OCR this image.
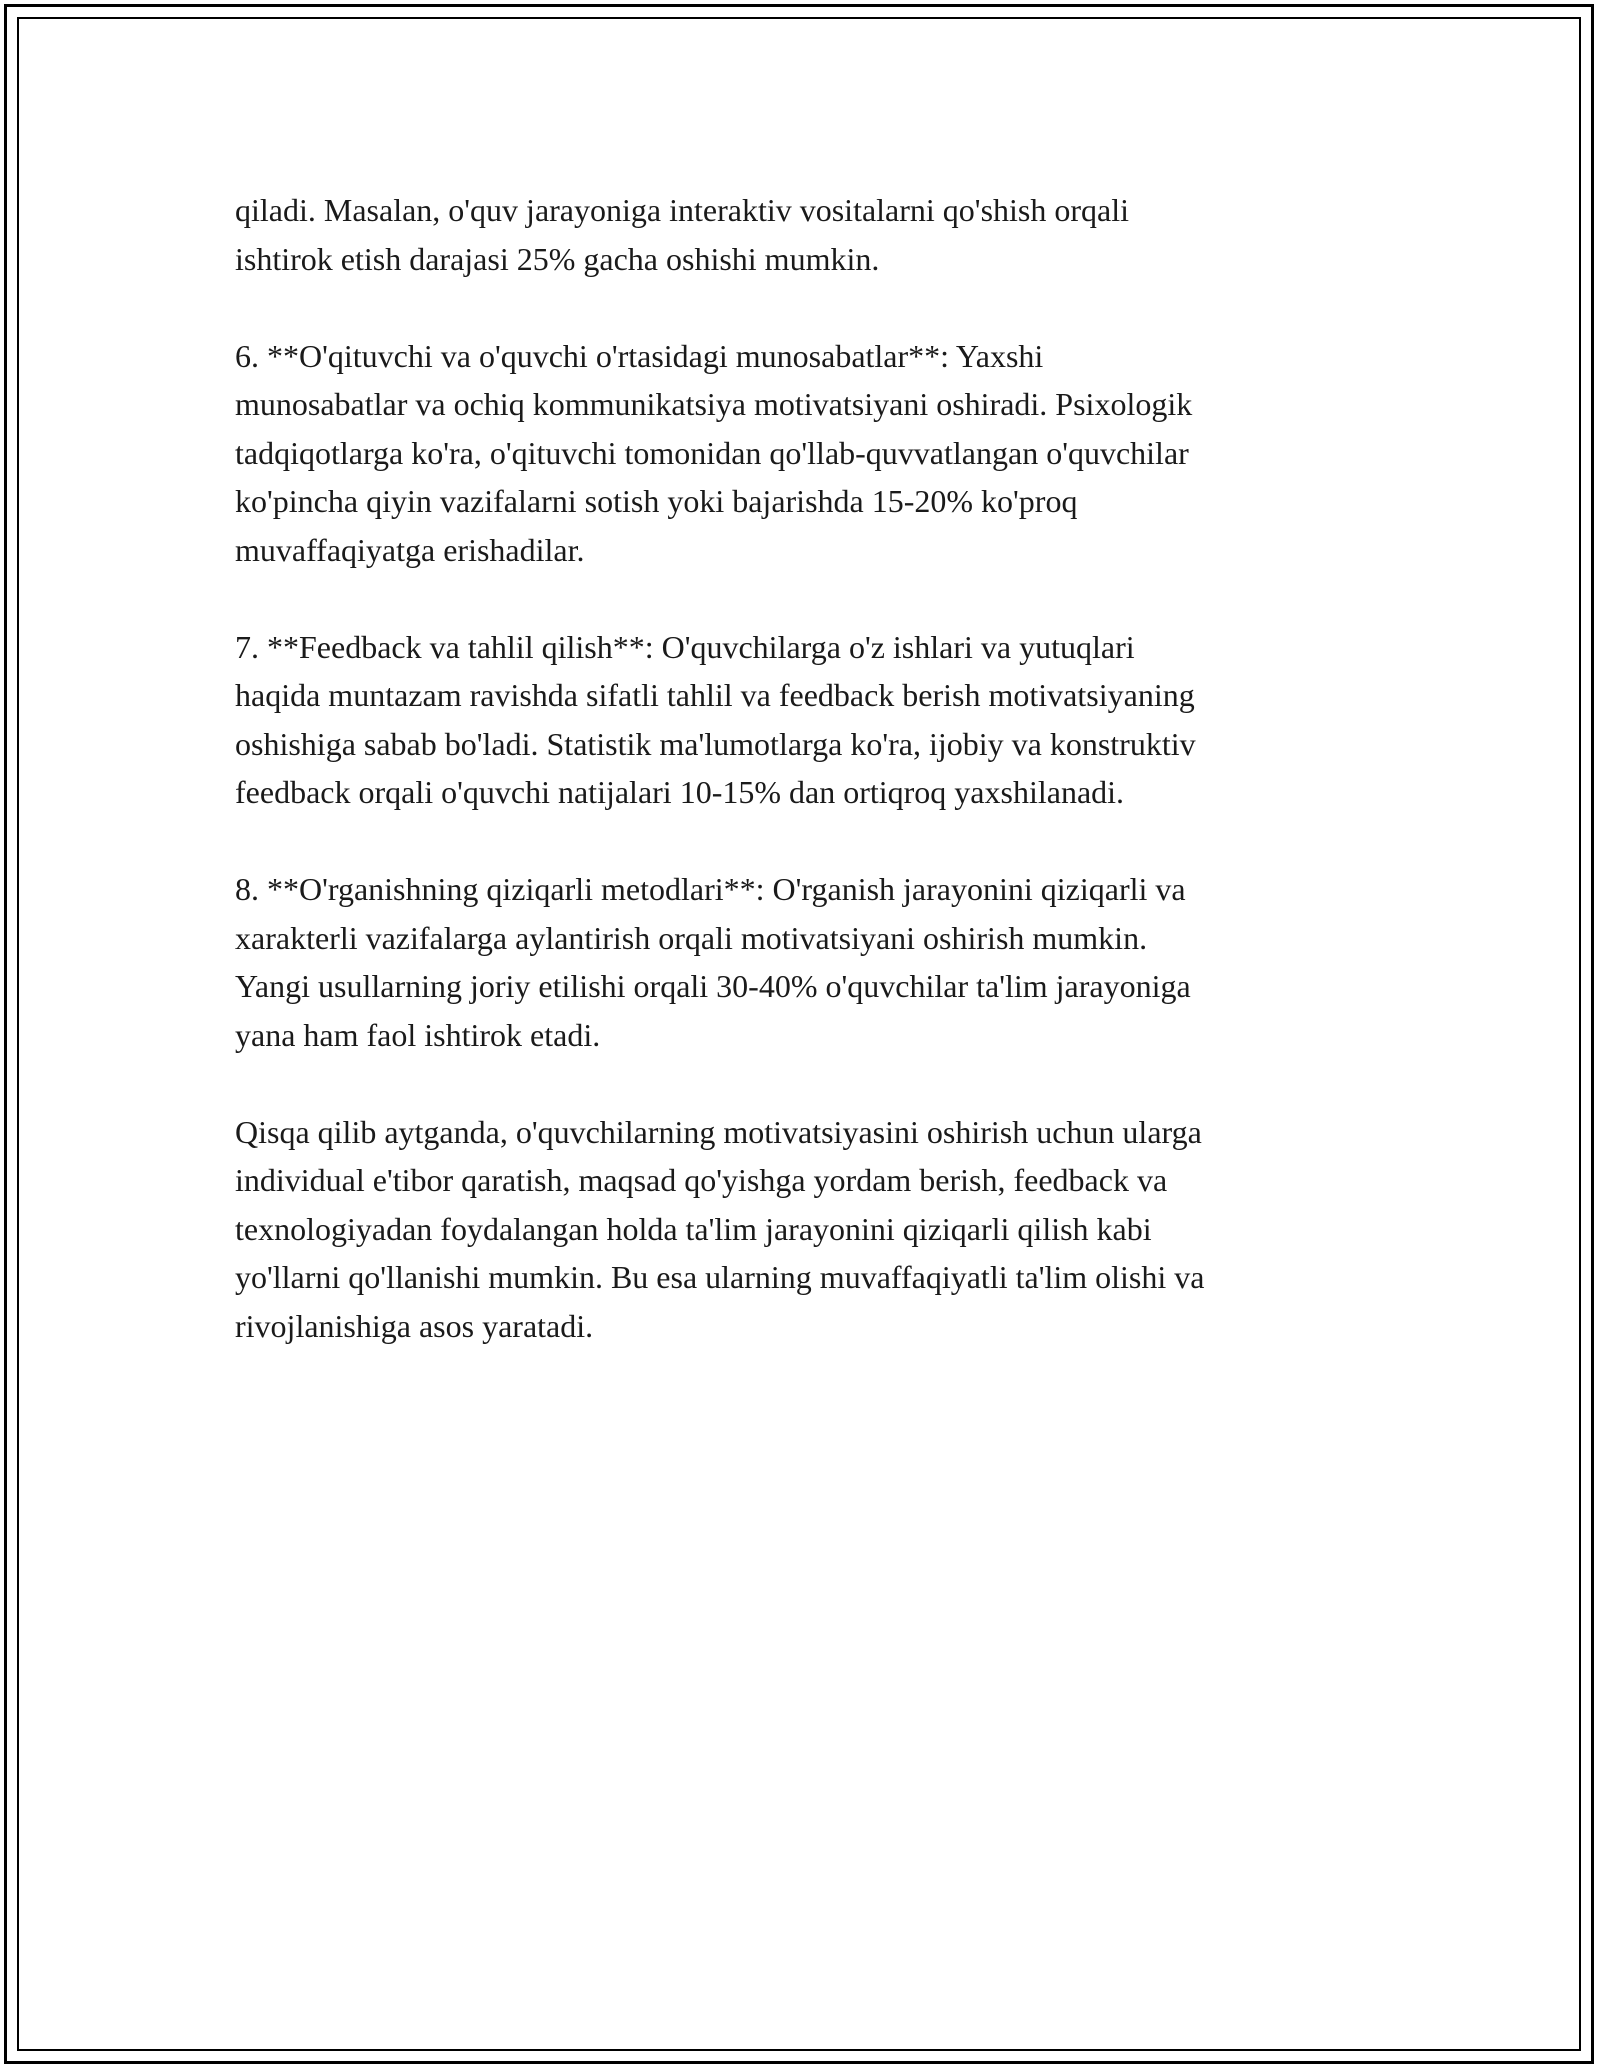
qiladi. Masalan, o'quv jarayoniga interaktiv vositalarni qo'shish orqali
ishtirok etish darajasi 25% gacha oshishi mumkin.

6. **O'qituvchi va o'quvchi o'rtasidagi munosabatlar**: Yaxshi
munosabatlar va ochiq kommunikatsiya motivatsiyani oshiradi. Psixologik
tadqiqotlarga ko'ra, o'qituvchi tomonidan qo'llab-quvvatlangan o'quvchilar
ko'pincha qiyin vazifalarni sotish yoki bajarishda 15-20% ko'proq
muvaffaqiyatga erishadilar.

7. **Feedback va tahlil qilish**: O'quvchilarga o'z ishlari va yutuqlari
haqida muntazam ravishda sifatli tahlil va feedback berish motivatsiyaning
oshishiga sabab bo'ladi. Statistik ma'lumotlarga ko'ra, ijobiy va konstruktiv
feedback orqali o'quvchi natijalari 10-15% dan ortiqroq yaxshilanadi.

8. **O'rganishning qiziqarli metodlari**: O'rganish jarayonini qiziqarli va
xarakterli vazifalarga aylantirish orqali motivatsiyani oshirish mumkin.
Yangi usullarning joriy etilishi orqali 30-40% o'quvchilar ta'lim jarayoniga
yana ham faol ishtirok etadi.

Qisqa qilib aytganda, o'quvchilarning motivatsiyasini oshirish uchun ularga
individual e'tibor qaratish, maqsad qo'yishga yordam berish, feedback va
texnologiyadan foydalangan holda ta'lim jarayonini qiziqarli qilish kabi
yo'llarni qo'llanishi mumkin. Bu esa ularning muvaffaqiyatli ta'lim olishi va
rivojlanishiga asos yaratadi.
